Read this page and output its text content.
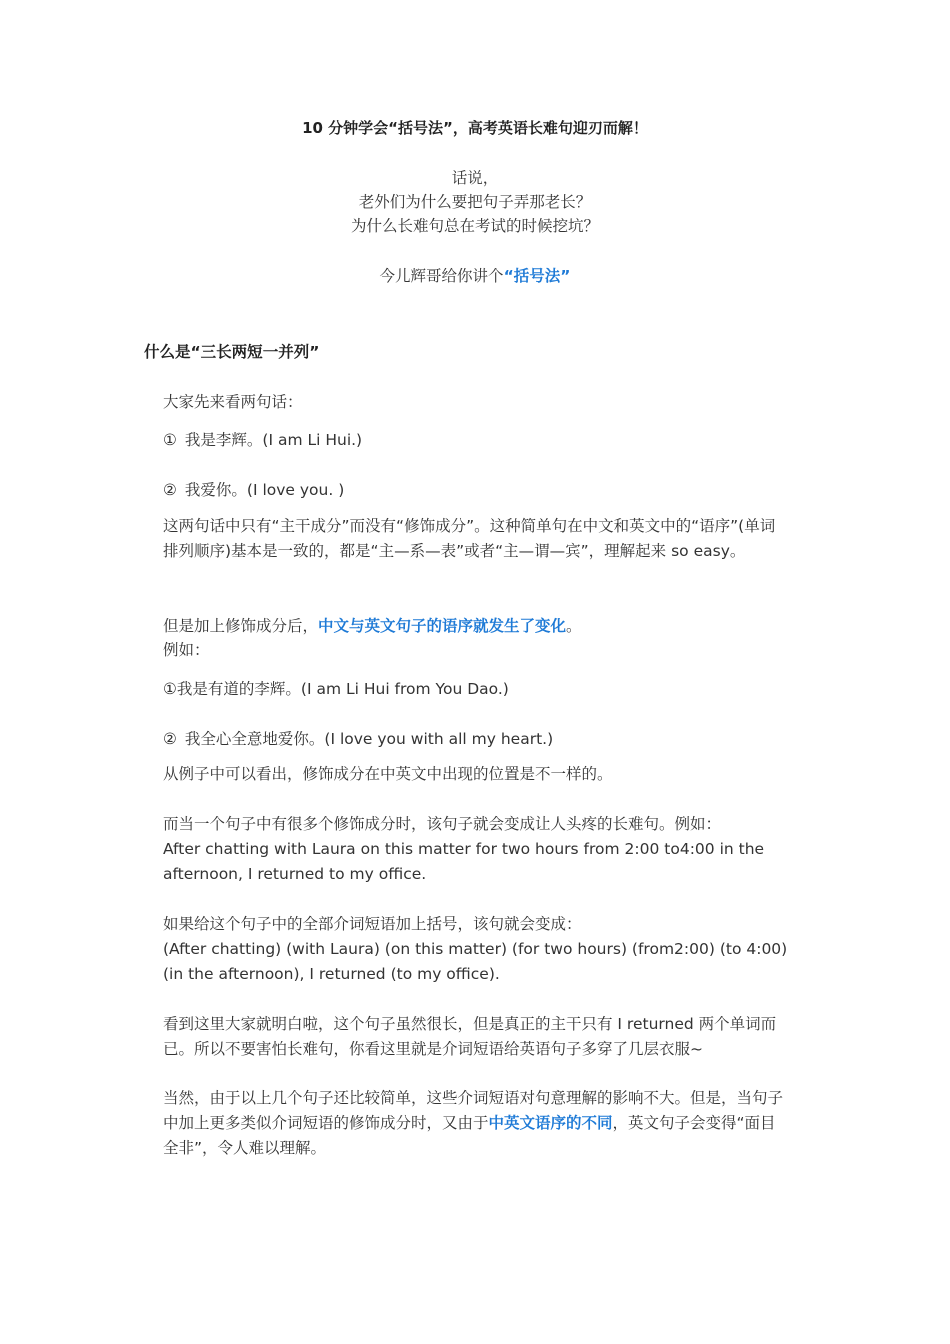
10 分钟学会“括号法”，高考英语长难句迎刃而解！

话说，

老外们为什么要把句子弄那老长？

为什么长难句总在考试的时候挖坑？

今儿辉哥给你讲个“括号法”

什么是“三长两短一并列”

大家先来看两句话：

① 我是李辉。(I am Li Hui.)

② 我爱你。(I love you. )

这两句话中只有“主干成分”而没有“修饰成分”。这种简单句在中文和英文中的“语序”(单词排列顺序)基本是一致的，都是“主—系—表”或者“主—谓—宾”，理解起来 so easy。

但是加上修饰成分后，中文与英文句子的语序就发生了变化。

例如：

①我是有道的李辉。(I am Li Hui from You Dao.)

② 我全心全意地爱你。(I love you with all my heart.)

从例子中可以看出，修饰成分在中英文中出现的位置是不一样的。

而当一个句子中有很多个修饰成分时，该句子就会变成让人头疼的长难句。例如：

After chatting with Laura on this matter for two hours from 2:00 to4:00 in the afternoon, I returned to my office.

如果给这个句子中的全部介词短语加上括号，该句就会变成：

(After chatting) (with Laura) (on this matter) (for two hours) (from2:00) (to 4:00) (in the afternoon), I returned (to my office).

看到这里大家就明白啦，这个句子虽然很长，但是真正的主干只有 I returned 两个单词而已。所以不要害怕长难句，你看这里就是介词短语给英语句子多穿了几层衣服~

当然，由于以上几个句子还比较简单，这些介词短语对句意理解的影响不大。但是，当句子中加上更多类似介词短语的修饰成分时，又由于中英文语序的不同，英文句子会变得“面目全非”，令人难以理解。
